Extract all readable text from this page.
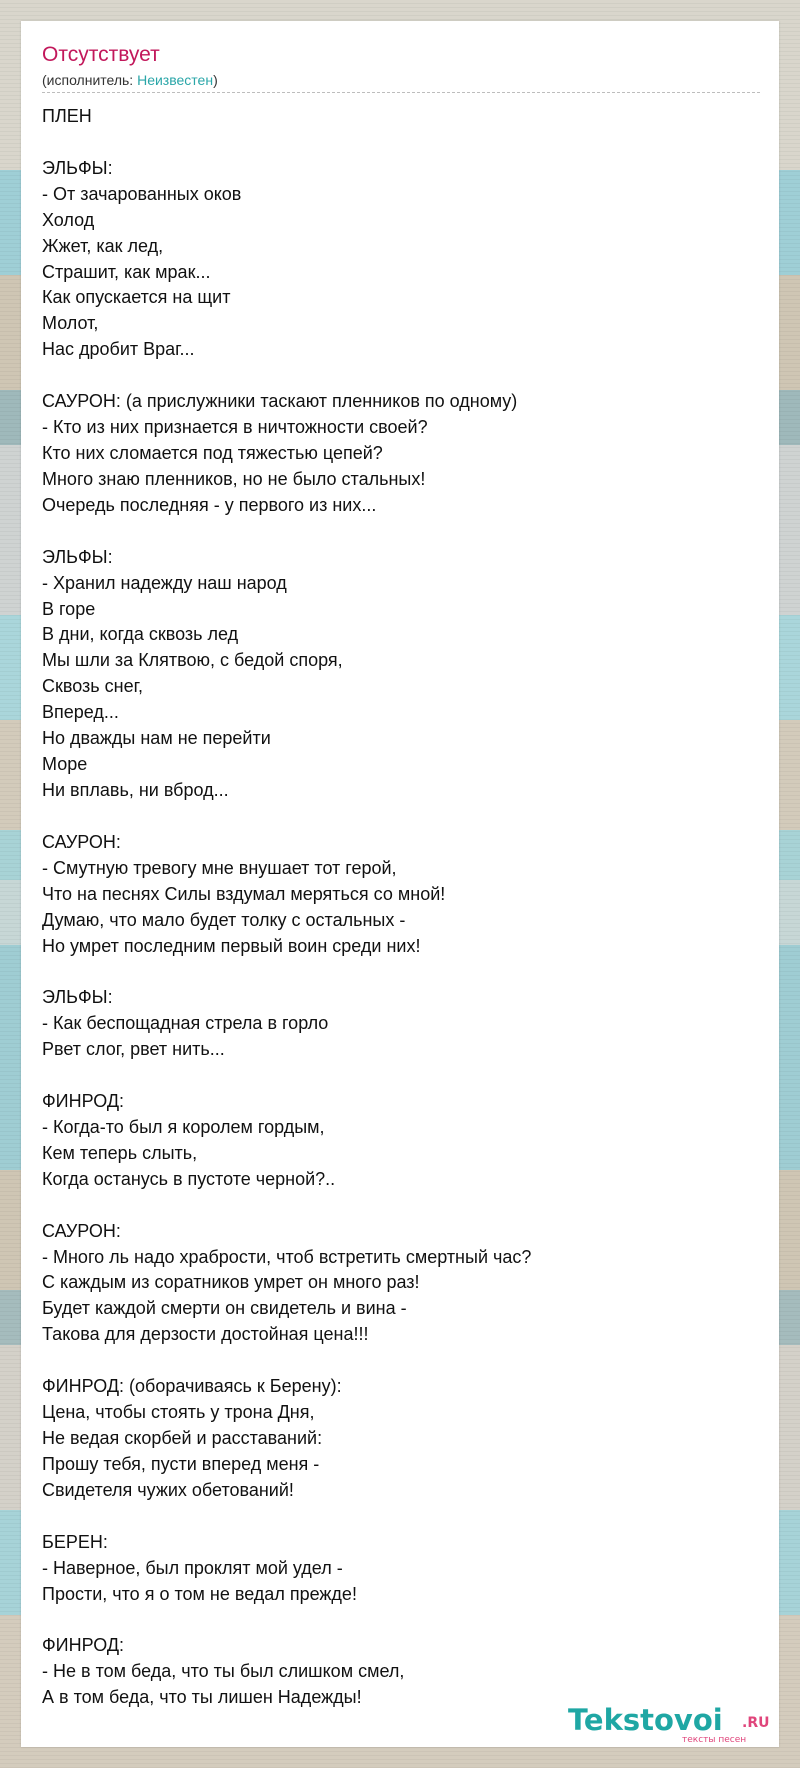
Отсутствует
(исполнитель: Неизвестен)
ПЛЕН
ЭЛЬФЫ:
- От зачарованных оков
Холод
Жжет, как лед,
Страшит, как мрак...
Как опускается на щит
Молот,
Нас дробит Враг...
САУРОН: (а прислужники таскают пленников по одному)
- Кто из них признается в ничтожности своей?
Кто них сломается под тяжестью цепей?
Много знаю пленников, но не было стальных!
Очередь последняя - у первого из них...
ЭЛЬФЫ:
- Хранил надежду наш народ
В горе
В дни, когда сквозь лед
Мы шли за Клятвою, с бедой споря,
Сквозь снег,
Вперед...
Но дважды нам не перейти
Море
Ни вплавь, ни вброд...
САУРОН:
- Смутную тревогу мне внушает тот герой,
Что на песнях Силы вздумал меряться со мной!
Думаю, что мало будет толку с остальных -
Но умрет последним первый воин среди них!
ЭЛЬФЫ:
- Как беспощадная стрела в горло
Рвет слог, рвет нить...
ФИНРОД:
- Когда-то был я королем гордым,
Кем теперь слыть,
Когда останусь в пустоте черной?..
САУРОН:
- Много ль надо храбрости, чтоб встретить смертный час?
С каждым из соратников умрет он много раз!
Будет каждой смерти он свидетель и вина -
Такова для дерзости достойная цена!!!
ФИНРОД: (оборачиваясь к Берену):
Цена, чтобы стоять у трона Дня,
Не ведая скорбей и расставаний:
Прошу тебя, пусти вперед меня -
Свидетеля чужих обетований!
БЕРЕН:
- Наверное, был проклят мой удел -
Прости, что я о том не ведал прежде!
ФИНРОД:
- Не в том беда, что ты был слишком смел,
А в том беда, что ты лишен Надежды!
Tekstovoi .RU
тексты песен
